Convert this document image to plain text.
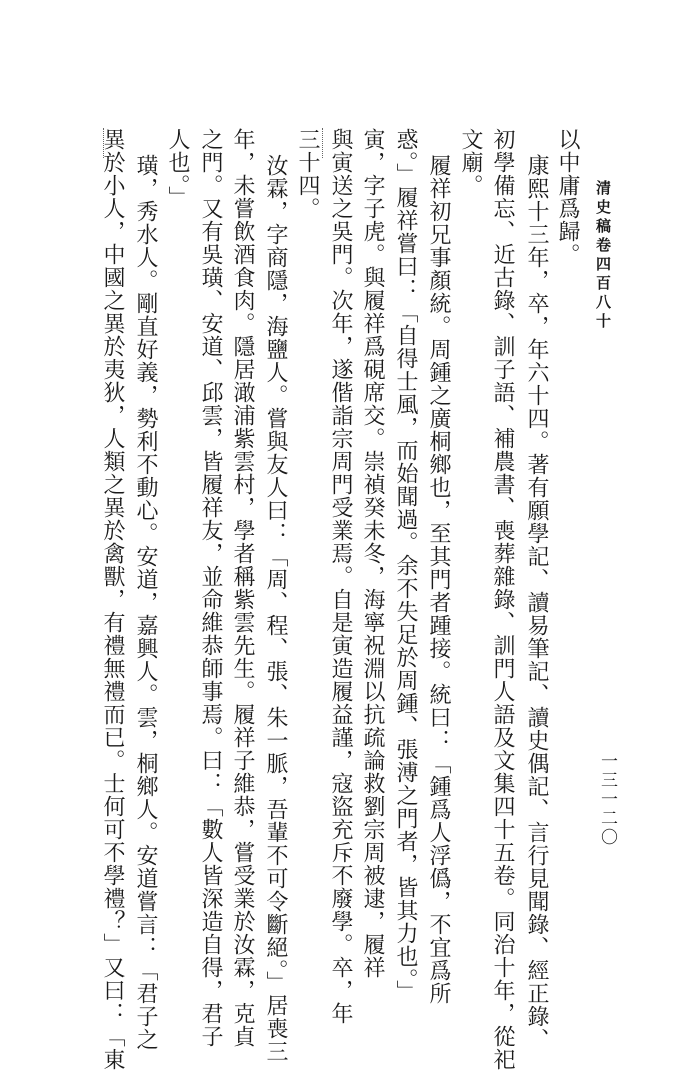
清史稿卷四百八十
一三一二〇
以中庸爲歸。
康熙十三年，卒，年六十四。著有願學記、讀易筆記、讀史偶記、言行見聞錄、經正錄、
初學備忘、近古錄、訓子語、補農書、喪葬雜錄、訓門人語及文集四十五卷。同治十年，從祀
文廟。
履祥初兄事顏統。周鍾之廣桐鄉也，至其門者踵接。統曰：「鍾爲人浮僞，不宜爲所
惑。」履祥嘗曰：「自得士風，而始聞過。余不失足於周鍾、張溥之門者，皆其力也。」
寅，字子虎。與履祥爲硯席交。崇禎癸未冬，海寧祝淵以抗疏論救劉宗周被逮，履祥
與寅送之吳門。次年，遂偕詣宗周門受業焉。自是寅造履益謹，寇盜充斥不廢學。卒，年
三十四。
汝霖，字商隱，海鹽人。嘗與友人曰：「周、程、張、朱一脈，吾輩不可令斷絕。」居喪三
年，未嘗飲酒食肉。隱居澉浦紫雲村，學者稱紫雲先生。履祥子維恭，嘗受業於汝霖，克貞
之門。又有吳璜、安道、邱雲，皆履祥友，並命維恭師事焉。曰：「數人皆深造自得，君子
人也。」
璜，秀水人。剛直好義，勢利不動心。安道，嘉興人。雲，桐鄉人。安道嘗言：「君子之
異於小人，中國之異於夷狄，人類之異於禽獸，有禮無禮而已。士何可不學禮？」又曰：「東
